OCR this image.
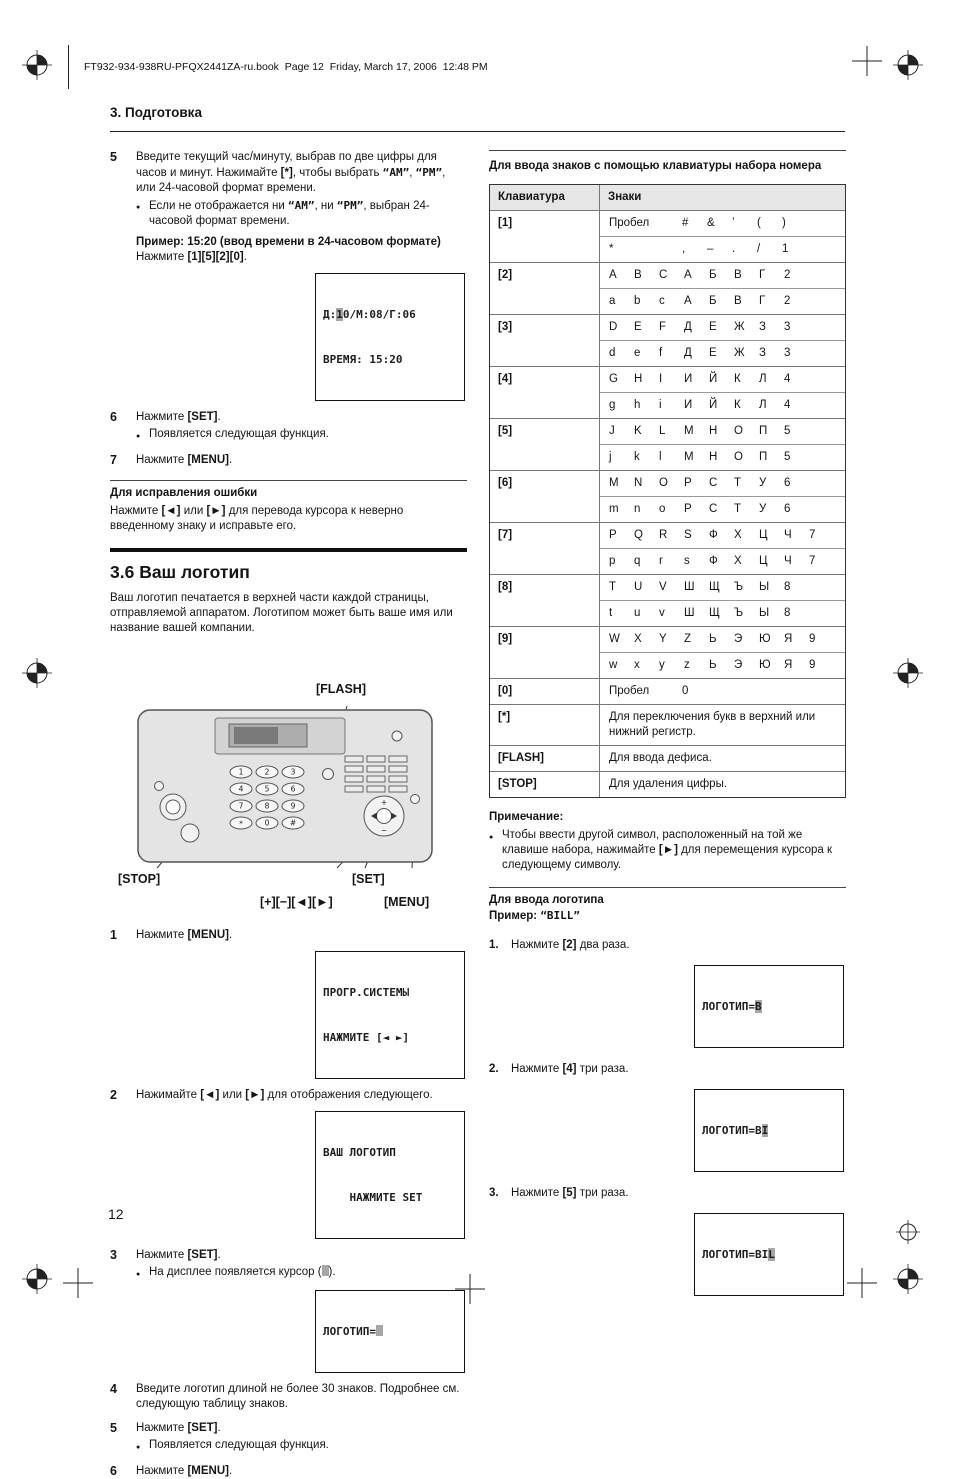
FT932-934-938RU-PFQX2441ZA-ru.book  Page 12  Friday, March 17, 2006  12:48 PM
3. Подготовка
12
5	Введите текущий час/минуту, выбрав по две цифры для часов и минут. Нажимайте [*], чтобы выбрать “AM”, “PM”, или 24-часовой формат времени.
● Если не отображается ни “AM”, ни “PM”, выбран 24-часовой формат времени.
Пример: 15:20 (ввод времени в 24-часовом формате)
Нажмите [1][5][2][0].

Д:10/М:08/Г:06

ВРЕМЯ: 15:20

6	Нажмите [SET].
● Появляется следующая функция.
7	Нажмите [MENU].
Для исправления ошибки
Нажмите [◄] или [►] для перевода курсора к неверно введенному знаку и исправьте его.
3.6 Ваш логотип
Ваш логотип печатается в верхней части каждой страницы, отправляемой аппаратом. Логотипом может быть ваше имя или название вашей компании.
[FLASH]
1	2	3
4	5	6
7	8	9
*	0	#
+
−
[STOP]	[SET]
[+][−][◄][►]	[MENU]
1	Нажмите [MENU].

ПРОГР.СИСТЕМЫ

НАЖМИТЕ [◄ ►]

2	Нажимайте [◄] или [►] для отображения следующего.

ВАШ ЛОГОТИП

НАЖМИТЕ SET

3	Нажмите [SET].
● На дисплее появляется курсор ( ).

ЛОГОТИП=

4	Введите логотип длиной не более 30 знаков. Подробнее см. следующую таблицу знаков.
5	Нажмите [SET].
● Появляется следующая функция.
6	Нажмите [MENU].
Для ввода знаков с помощью клавиатуры набора номера
Клавиатура	Знаки
[1]	Пробел	# & ’ ( )
*	, – . / 1
[2]	A B C А Б В Г 2
a b c А Б В Г 2
[3]	D E F Д Е Ж З 3
d e f Д Е Ж З 3
[4]	G H I И Й К Л 4
g h i И Й К Л 4
[5]	J K L М Н О П 5
j k l М Н О П 5
[6]	M N O Р С Т У 6
m n o Р С Т У 6
[7]	P Q R S Ф Х Ц Ч 7
p q r s Ф Х Ц Ч 7
[8]	T U V Ш Щ Ъ Ы 8
t u v Ш Щ Ъ Ы 8
[9]	W X Y Z Ь Э Ю Я 9
w x y z Ь Э Ю Я 9
[0]	Пробел	0
[*]	Для переключения букв в верхний или нижний регистр.
[FLASH]	Для ввода дефиса.
[STOP]	Для удаления цифры.
Примечание:
● Чтобы ввести другой символ, расположенный на той же клавише набора, нажимайте [►] для перемещения курсора к следующему символу.
Для ввода логотипа
Пример: “BILL”
1.	Нажмите [2] два раза.

ЛОГОТИП=B

2.	Нажмите [4] три раза.

ЛОГОТИП=BI

3.	Нажмите [5] три раза.

ЛОГОТИП=BIL
